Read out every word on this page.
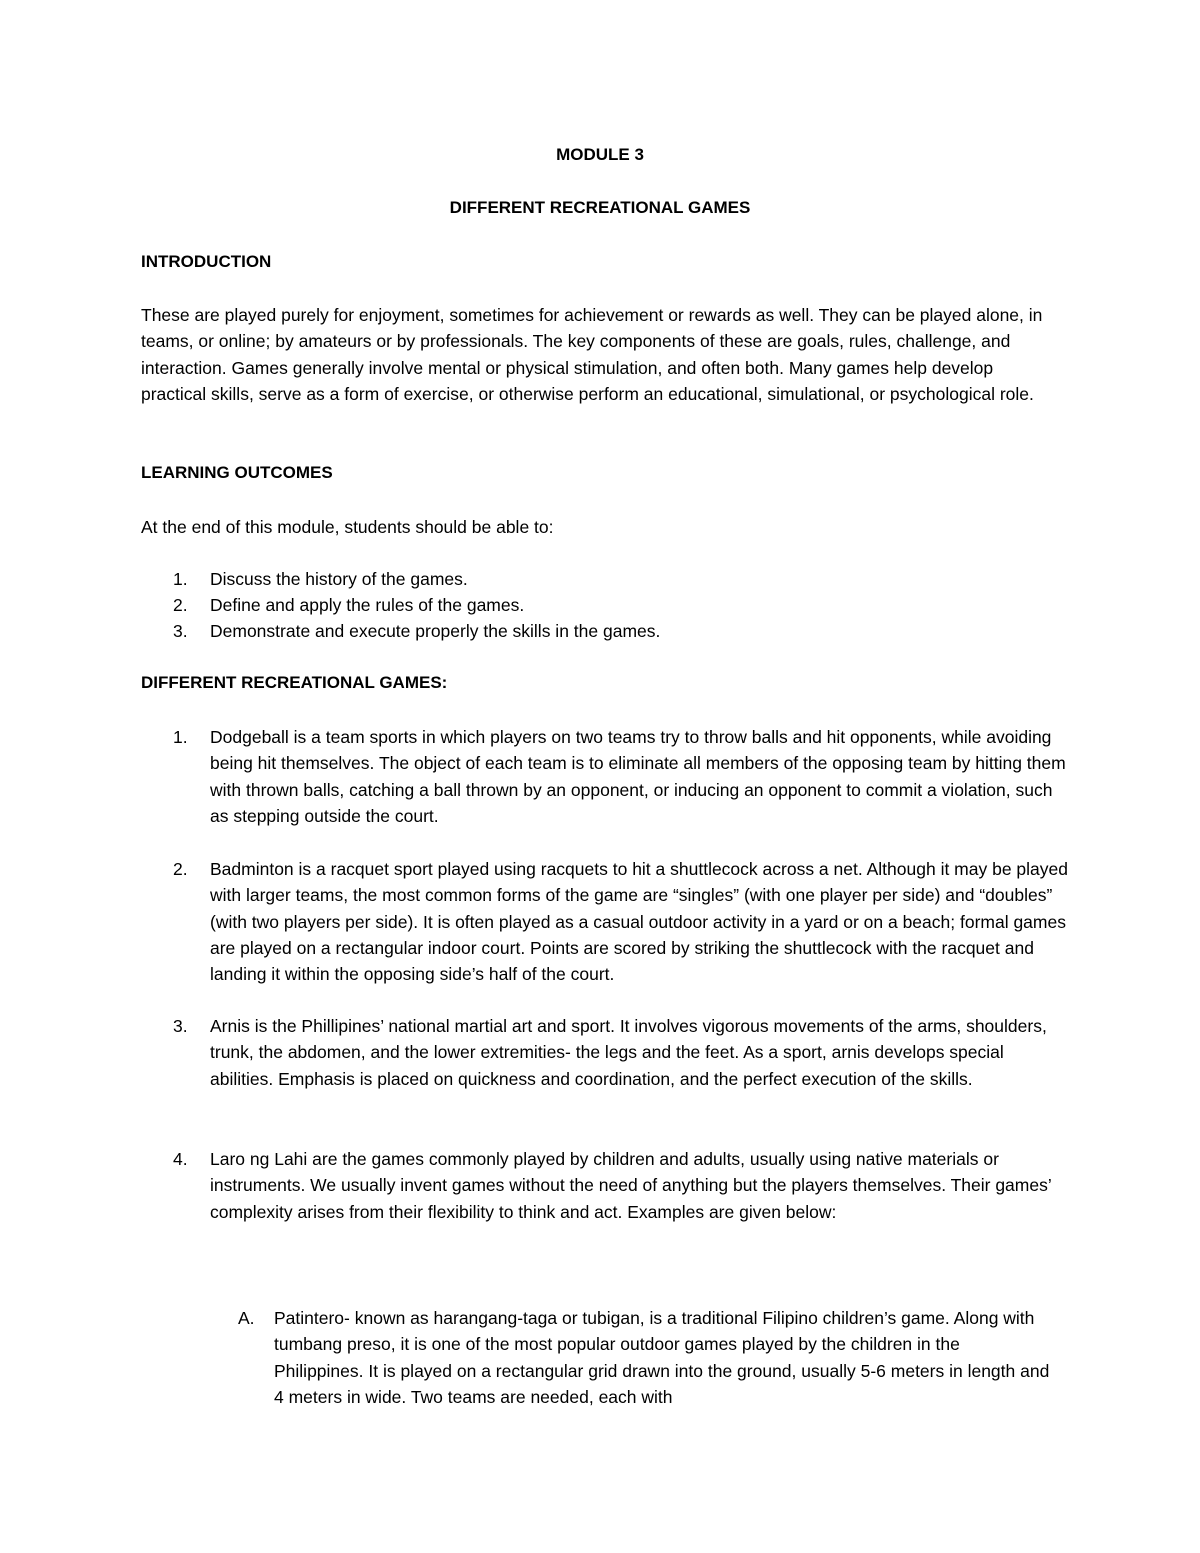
MODULE 3
DIFFERENT RECREATIONAL GAMES
INTRODUCTION
These are played purely for enjoyment, sometimes for achievement or rewards as well. They can be played alone, in teams, or online; by amateurs or by professionals. The key components of these are goals, rules, challenge, and interaction. Games generally involve mental or physical stimulation, and often both. Many games help develop practical skills, serve as a form of exercise, or otherwise perform an educational, simulational, or psychological role.
LEARNING OUTCOMES
At the end of this module, students should be able to:
1. Discuss the history of the games.
2. Define and apply the rules of the games.
3. Demonstrate and execute properly the skills in the games.
DIFFERENT RECREATIONAL GAMES:
1. Dodgeball is a team sports in which players on two teams try to throw balls and hit opponents, while avoiding being hit themselves. The object of each team is to eliminate all members of the opposing team by hitting them with thrown balls, catching a ball thrown by an opponent, or inducing an opponent to commit a violation, such as stepping outside the court.
2. Badminton is a racquet sport played using racquets to hit a shuttlecock across a net. Although it may be played with larger teams, the most common forms of the game are “singles” (with one player per side) and “doubles” (with two players per side). It is often played as a casual outdoor activity in a yard or on a beach; formal games are played on a rectangular indoor court. Points are scored by striking the shuttlecock with the racquet and landing it within the opposing side’s half of the court.
3. Arnis is the Phillipines’ national martial art and sport. It involves vigorous movements of the arms, shoulders, trunk, the abdomen, and the lower extremities- the legs and the feet. As a sport, arnis develops special abilities. Emphasis is placed on quickness and coordination, and the perfect execution of the skills.
4. Laro ng Lahi are the games commonly played by children and adults, usually using native materials or instruments. We usually invent games without the need of anything but the players themselves. Their games’ complexity arises from their flexibility to think and act. Examples are given below:
A. Patintero- known as harangang-taga or tubigan, is a traditional Filipino children’s game. Along with tumbang preso, it is one of the most popular outdoor games played by the children in the Philippines. It is played on a rectangular grid drawn into the ground, usually 5-6 meters in length and 4 meters in wide. Two teams are needed, each with
